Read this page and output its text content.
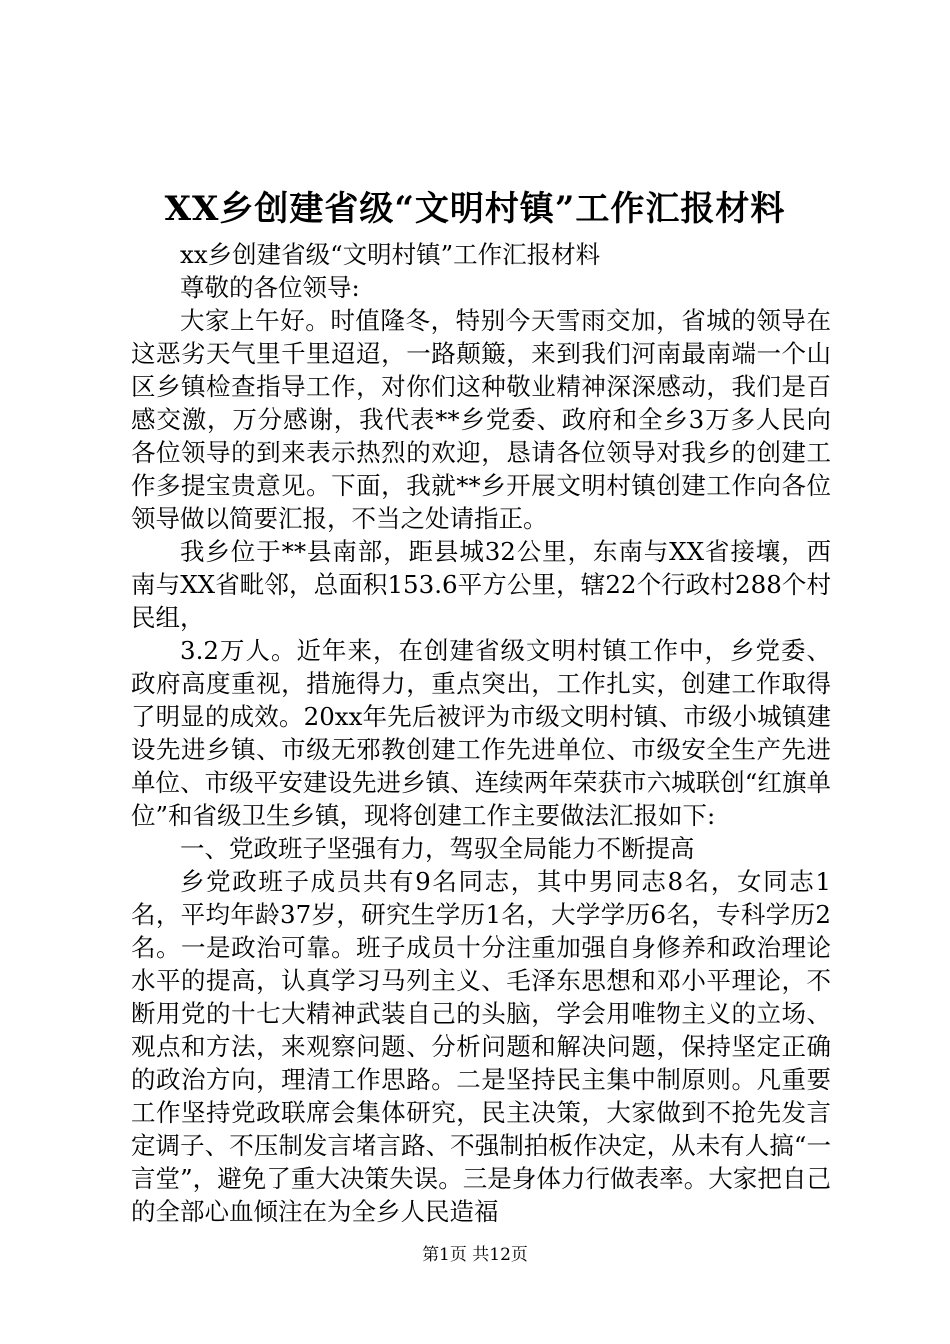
XX乡创建省级“文明村镇”工作汇报材料

xx乡创建省级“文明村镇”工作汇报材料

尊敬的各位领导:

大家上午好。时值隆冬，特别今天雪雨交加，省城的领导在这恶劣天气里千里迢迢，一路颠簸，来到我们河南最南端一个山区乡镇检查指导工作，对你们这种敬业精神深深感动，我们是百感交激，万分感谢，我代表**乡党委、政府和全乡3万多人民向各位领导的到来表示热烈的欢迎，恳请各位领导对我乡的创建工作多提宝贵意见。下面，我就**乡开展文明村镇创建工作向各位领导做以简要汇报，不当之处请指正。

我乡位于**县南部，距县城32公里，东南与XX省接壤，西南与XX省毗邻，总面积153.6平方公里，辖22个行政村288个村民组，

3.2万人。近年来，在创建省级文明村镇工作中，乡党委、政府高度重视，措施得力，重点突出，工作扎实，创建工作取得了明显的成效。20xx年先后被评为市级文明村镇、市级小城镇建设先进乡镇、市级无邪教创建工作先进单位、市级安全生产先进单位、市级平安建设先进乡镇、连续两年荣获市六城联创“红旗单位”和省级卫生乡镇，现将创建工作主要做法汇报如下:

一、党政班子坚强有力，驾驭全局能力不断提高

乡党政班子成员共有9名同志，其中男同志8名，女同志1名，平均年龄37岁，研究生学历1名，大学学历6名，专科学历2名。一是政治可靠。班子成员十分注重加强自身修养和政治理论水平的提高，认真学习马列主义、毛泽东思想和邓小平理论，不断用党的十七大精神武装自己的头脑，学会用唯物主义的立场、观点和方法，来观察问题、分析问题和解决问题，保持坚定正确的政治方向，理清工作思路。二是坚持民主集中制原则。凡重要工作坚持党政联席会集体研究，民主决策，大家做到不抢先发言定调子、不压制发言堵言路、不强制拍板作决定，从未有人搞“一言堂”，避免了重大决策失误。三是身体力行做表率。大家把自己的全部心血倾注在为全乡人民造福

第1页 共12页
